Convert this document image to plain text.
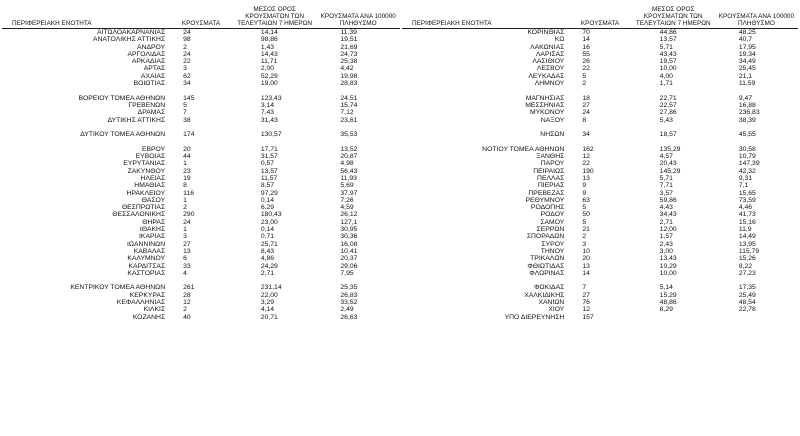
ΠΕΡΙΦΕΡΕΙΑΚΗ ΕΝΟΤΗΤΑ	ΚΡΟΥΣΜΑΤΑ	ΜΕΣΟΣ ΟΡΟΣ ΚΡΟΥΣΜΑΤΩΝ ΤΩΝ ΤΕΛΕΥΤΑΙΩΝ 7 ΗΜΕΡΩΝ	ΚΡΟΥΣΜΑΤΑ ΑΝΑ 100000 ΠΛΗΘΥΣΜΟ
ΑΙΤΩΛΟΑΚΑΡΝΑΝΙΑΣ	24	14,14	11,39
ΑΝΑΤΟΛΙΚΗΣ ΑΤΤΙΚΗΣ	98	98,86	19,51
ΑΝΔΡΟΥ	2	1,43	21,69
ΑΡΓΟΛΙΔΑΣ	24	14,43	24,73
ΑΡΚΑΔΙΑΣ	22	11,71	25,38
ΑΡΤΑΣ	3	2,00	4,42
ΑΧΑΪΑΣ	62	52,29	19,98
ΒΟΙΩΤΙΑΣ	34	19,00	28,83

ΒΟΡΕΙΟΥ ΤΟΜΕΑ ΑΘΗΝΩΝ	145	123,43	24,51
ΓΡΕΒΕΝΩΝ	5	3,14	15,74
ΔΡΑΜΑΣ	7	7,43	7,12
ΔΥΤΙΚΗΣ ΑΤΤΙΚΗΣ	38	31,43	23,61

ΔΥΤΙΚΟΥ ΤΟΜΕΑ ΑΘΗΝΩΝ	174	130,57	35,53

ΕΒΡΟΥ	20	17,71	13,52
ΕΥΒΟΙΑΣ	44	31,57	20,87
ΕΥΡΥΤΑΝΙΑΣ	1	0,57	4,98
ΖΑΚΥΝΘΟΥ	23	13,57	56,43
ΗΛΕΙΑΣ	19	11,57	11,93
ΗΜΑΘΙΑΣ	8	8,57	5,69
ΗΡΑΚΛΕΙΟΥ	116	97,29	37,97
ΘΑΣΟΥ	1	0,14	7,26
ΘΕΣΠΡΩΤΙΑΣ	2	6,29	4,59
ΘΕΣΣΑΛΟΝΙΚΗΣ	290	180,43	26,12
ΘΗΡΑΣ	24	23,00	127,1
ΙΘΑΚΗΣ	1	0,14	30,95
ΙΚΑΡΙΑΣ	3	0,71	30,36
ΙΩΑΝΝΙΝΩΝ	27	25,71	16,08
ΚΑΒΑΛΑΣ	13	8,43	10,41
ΚΑΛΥΜΝΟΥ	6	4,86	20,37
ΚΑΡΔΙΤΣΑΣ	33	24,29	29,06
ΚΑΣΤΟΡΙΑΣ	4	2,71	7,95

ΚΕΝΤΡΙΚΟΥ ΤΟΜΕΑ ΑΘΗΝΩΝ	261	231,14	25,35
ΚΕΡΚΥΡΑΣ	28	22,00	26,83
ΚΕΦΑΛΛΗΝΙΑΣ	12	3,29	33,52
ΚΙΛΚΙΣ	2	4,14	2,49
ΚΟΖΑΝΗΣ	40	20,71	26,63
ΠΕΡΙΦΕΡΕΙΑΚΗ ΕΝΟΤΗΤΑ	ΚΡΟΥΣΜΑΤΑ	ΜΕΣΟΣ ΟΡΟΣ ΚΡΟΥΣΜΑΤΩΝ ΤΩΝ ΤΕΛΕΥΤΑΙΩΝ 7 ΗΜΕΡΩΝ	ΚΡΟΥΣΜΑΤΑ ΑΝΑ 100000 ΠΛΗΘΥΣΜΟ
ΚΟΡΙΝΘΙΑΣ	70	44,86	48,25
ΚΩ	14	13,57	40,7
ΛΑΚΩΝΙΑΣ	16	5,71	17,95
ΛΑΡΙΣΑΣ	55	43,43	19,34
ΛΑΣΙΘΙΟΥ	26	19,57	34,49
ΛΕΣΒΟΥ	22	10,00	25,45
ΛΕΥΚΑΔΑΣ	5	4,00	21,1
ΛΗΜΝΟΥ	2	1,71	11,59

ΜΑΓΝΗΣΙΑΣ	18	22,71	9,47
ΜΕΣΣΗΝΙΑΣ	27	22,57	16,88
ΜΥΚΟΝΟΥ	24	27,86	236,83
ΝΑΞΟΥ	8	5,43	38,39

ΝΗΣΩΝ	34	18,57	45,55

ΝΟΤΙΟΥ ΤΟΜΕΑ ΑΘΗΝΩΝ	162	135,29	30,58
ΞΑΝΘΗΣ	12	4,57	10,79
ΠΑΡΟΥ	22	20,43	147,39
ΠΕΙΡΑΙΩΣ	190	145,29	42,32
ΠΕΛΛΑΣ	13	5,71	9,31
ΠΙΕΡΙΑΣ	9	7,71	7,1
ΠΡΕΒΕΖΑΣ	9	3,57	15,65
ΡΕΘΥΜΝΟΥ	63	59,86	73,59
ΡΟΔΟΠΗΣ	5	4,43	4,46
ΡΟΔΟΥ	50	34,43	41,73
ΣΑΜΟΥ	5	2,71	15,16
ΣΕΡΡΩΝ	21	12,00	11,9
ΣΠΟΡΑΔΩΝ	2	1,57	14,49
ΣΥΡΟΥ	3	2,43	13,95
ΤΗΝΟΥ	10	3,00	115,79
ΤΡΙΚΑΛΩΝ	20	13,43	15,26
ΦΘΙΩΤΙΔΑΣ	13	10,29	8,22
ΦΛΩΡΙΝΑΣ	14	10,00	27,23

ΦΩΚΙΔΑΣ	7	5,14	17,35
ΧΑΛΚΙΔΙΚΗΣ	27	15,29	25,49
ΧΑΝΙΩΝ	76	48,86	48,54
ΧΙΟΥ	12	8,29	22,78
ΥΠΟ ΔΙΕΡΕΥΝΗΣΗ	157		
